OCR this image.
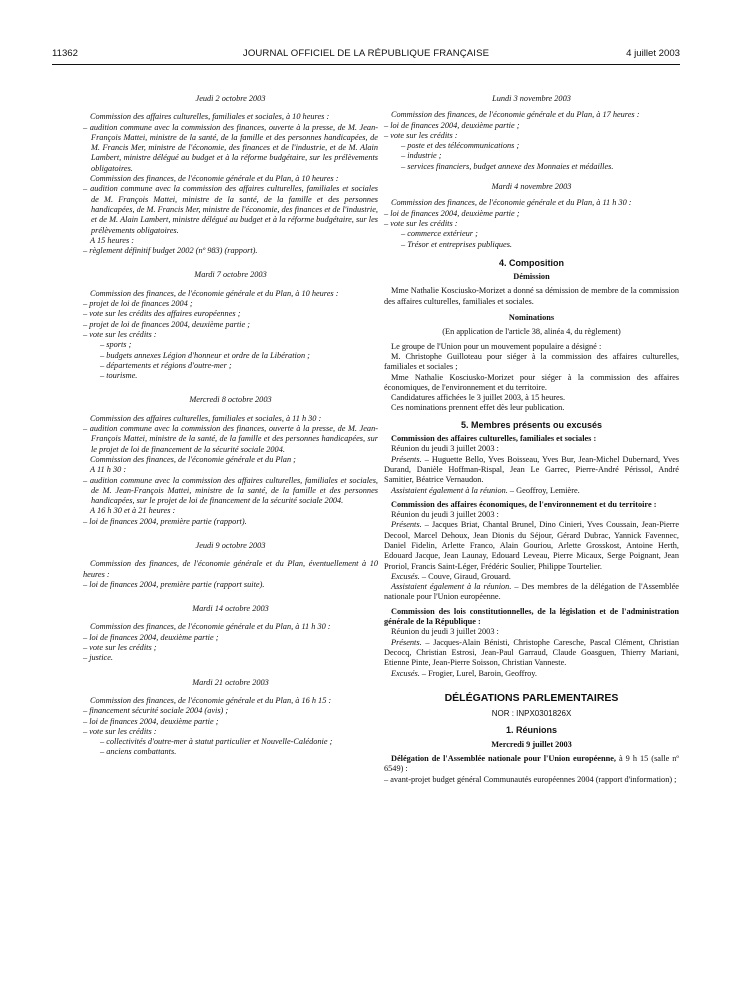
11362	JOURNAL OFFICIEL DE LA RÉPUBLIQUE FRANÇAISE	4 juillet 2003
Jeudi 2 octobre 2003
Commission des affaires culturelles, familiales et sociales, à 10 heures :
– audition commune avec la commission des finances, ouverte à la presse, de M. Jean-François Mattei, ministre de la santé, de la famille et des personnes handicapées, de M. Francis Mer, ministre de l'économie, des finances et de l'industrie, et de M. Alain Lambert, ministre délégué au budget et à la réforme budgétaire, sur les prélèvements obligatoires.
Commission des finances, de l'économie générale et du Plan, à 10 heures :
– audition commune avec la commission des affaires culturelles, familiales et sociales de M. François Mattei, ministre de la santé, de la famille et des personnes handicapées, de M. Francis Mer, ministre de l'économie, des finances et de l'industrie, et de M. Alain Lambert, ministre délégué au budget et à la réforme budgétaire, sur les prélèvements obligatoires.
A 15 heures :
– règlement définitif budget 2002 (nº 983) (rapport).
Mardi 7 octobre 2003
Commission des finances, de l'économie générale et du Plan, à 10 heures :
– projet de loi de finances 2004 ;
– vote sur les crédits des affaires européennes ;
– projet de loi de finances 2004, deuxième partie ;
– vote sur les crédits :
– sports ;
– budgets annexes Légion d'honneur et ordre de la Libération ;
– départements et régions d'outre-mer ;
– tourisme.
Mercredi 8 octobre 2003
Commission des affaires culturelles, familiales et sociales, à 11 h 30 :
– audition commune avec la commission des finances, ouverte à la presse, de M. Jean-François Mattei, ministre de la santé, de la famille et des personnes handicapées, sur le projet de loi de financement de la sécurité sociale 2004.
Commission des finances, de l'économie générale et du Plan ;
A 11 h 30 :
– audition commune avec la commission des affaires culturelles, familiales et sociales, de M. Jean-François Mattei, ministre de la santé, de la famille et des personnes handicapées, sur le projet de loi de financement de la sécurité sociale 2004.
A 16 h 30 et à 21 heures :
– loi de finances 2004, première partie (rapport).
Jeudi 9 octobre 2003
Commission des finances, de l'économie générale et du Plan, éventuellement à 10 heures :
– loi de finances 2004, première partie (rapport suite).
Mardi 14 octobre 2003
Commission des finances, de l'économie générale et du Plan, à 11 h 30 :
– loi de finances 2004, deuxième partie ;
– vote sur les crédits ;
– justice.
Mardi 21 octobre 2003
Commission des finances, de l'économie générale et du Plan, à 16 h 15 :
– financement sécurité sociale 2004 (avis) ;
– loi de finances 2004, deuxième partie ;
– vote sur les crédits :
– collectivités d'outre-mer à statut particulier et Nouvelle-Calédonie ;
– anciens combattants.
Lundi 3 novembre 2003
Commission des finances, de l'économie générale et du Plan, à 17 heures :
– loi de finances 2004, deuxième partie ;
– vote sur les crédits :
– poste et des télécommunications ;
– industrie ;
– services financiers, budget annexe des Monnaies et médailles.
Mardi 4 novembre 2003
Commission des finances, de l'économie générale et du Plan, à 11 h 30 :
– loi de finances 2004, deuxième partie ;
– vote sur les crédits :
– commerce extérieur ;
– Trésor et entreprises publiques.
4. Composition
Démission
Mme Nathalie Kosciusko-Morizet a donné sa démission de membre de la commission des affaires culturelles, familiales et sociales.
Nominations
(En application de l'article 38, alinéa 4, du règlement)
Le groupe de l'Union pour un mouvement populaire a désigné :
M. Christophe Guilloteau pour siéger à la commission des affaires culturelles, familiales et sociales ;
Mme Nathalie Kosciusko-Morizet pour siéger à la commission des affaires économiques, de l'environnement et du territoire.
Candidatures affichées le 3 juillet 2003, à 15 heures.
Ces nominations prennent effet dès leur publication.
5. Membres présents ou excusés
Commission des affaires culturelles, familiales et sociales :
Réunion du jeudi 3 juillet 2003 :
Présents. – Huguette Bello, Yves Boisseau, Yves Bur, Jean-Michel Dubernard, Yves Durand, Danièle Hoffman-Rispal, Jean Le Garrec, Pierre-André Périssol, André Samitier, Béatrice Vernaudon.
Assistaient également à la réunion. – Geoffroy, Lemière.
Commission des affaires économiques, de l'environnement et du territoire :
Réunion du jeudi 3 juillet 2003 :
Présents. – Jacques Briat, Chantal Brunel, Dino Cinieri, Yves Coussain, Jean-Pierre Decool, Marcel Dehoux, Jean Dionis du Séjour, Gérard Dubrac, Yannick Favennec, Daniel Fidelin, Arlette Franco, Alain Gouriou, Arlette Grosskost, Antoine Herth, Edouard Jacque, Jean Launay, Edouard Leveau, Pierre Micaux, Serge Poignant, Jean Proriol, Francis Saint-Léger, Frédéric Soulier, Philippe Tourtelier.
Excusés. – Couve, Giraud, Grouard.
Assistaient également à la réunion. – Des membres de la délégation de l'Assemblée nationale pour l'Union européenne.
Commission des lois constitutionnelles, de la législation et de l'administration générale de la République :
Réunion du jeudi 3 juillet 2003 :
Présents. – Jacques-Alain Bénisti, Christophe Caresche, Pascal Clément, Christian Decocq, Christian Estrosi, Jean-Paul Garraud, Claude Goasguen, Thierry Mariani, Etienne Pinte, Jean-Pierre Soisson, Christian Vanneste.
Excusés. – Frogier, Lurel, Baroin, Geoffroy.
DÉLÉGATIONS PARLEMENTAIRES
NOR : INPX0301826X
1. Réunions
Mercredi 9 juillet 2003
Délégation de l'Assemblée nationale pour l'Union européenne, à 9 h 15 (salle nº 6549) :
– avant-projet budget général Communautés européennes 2004 (rapport d'information) ;
